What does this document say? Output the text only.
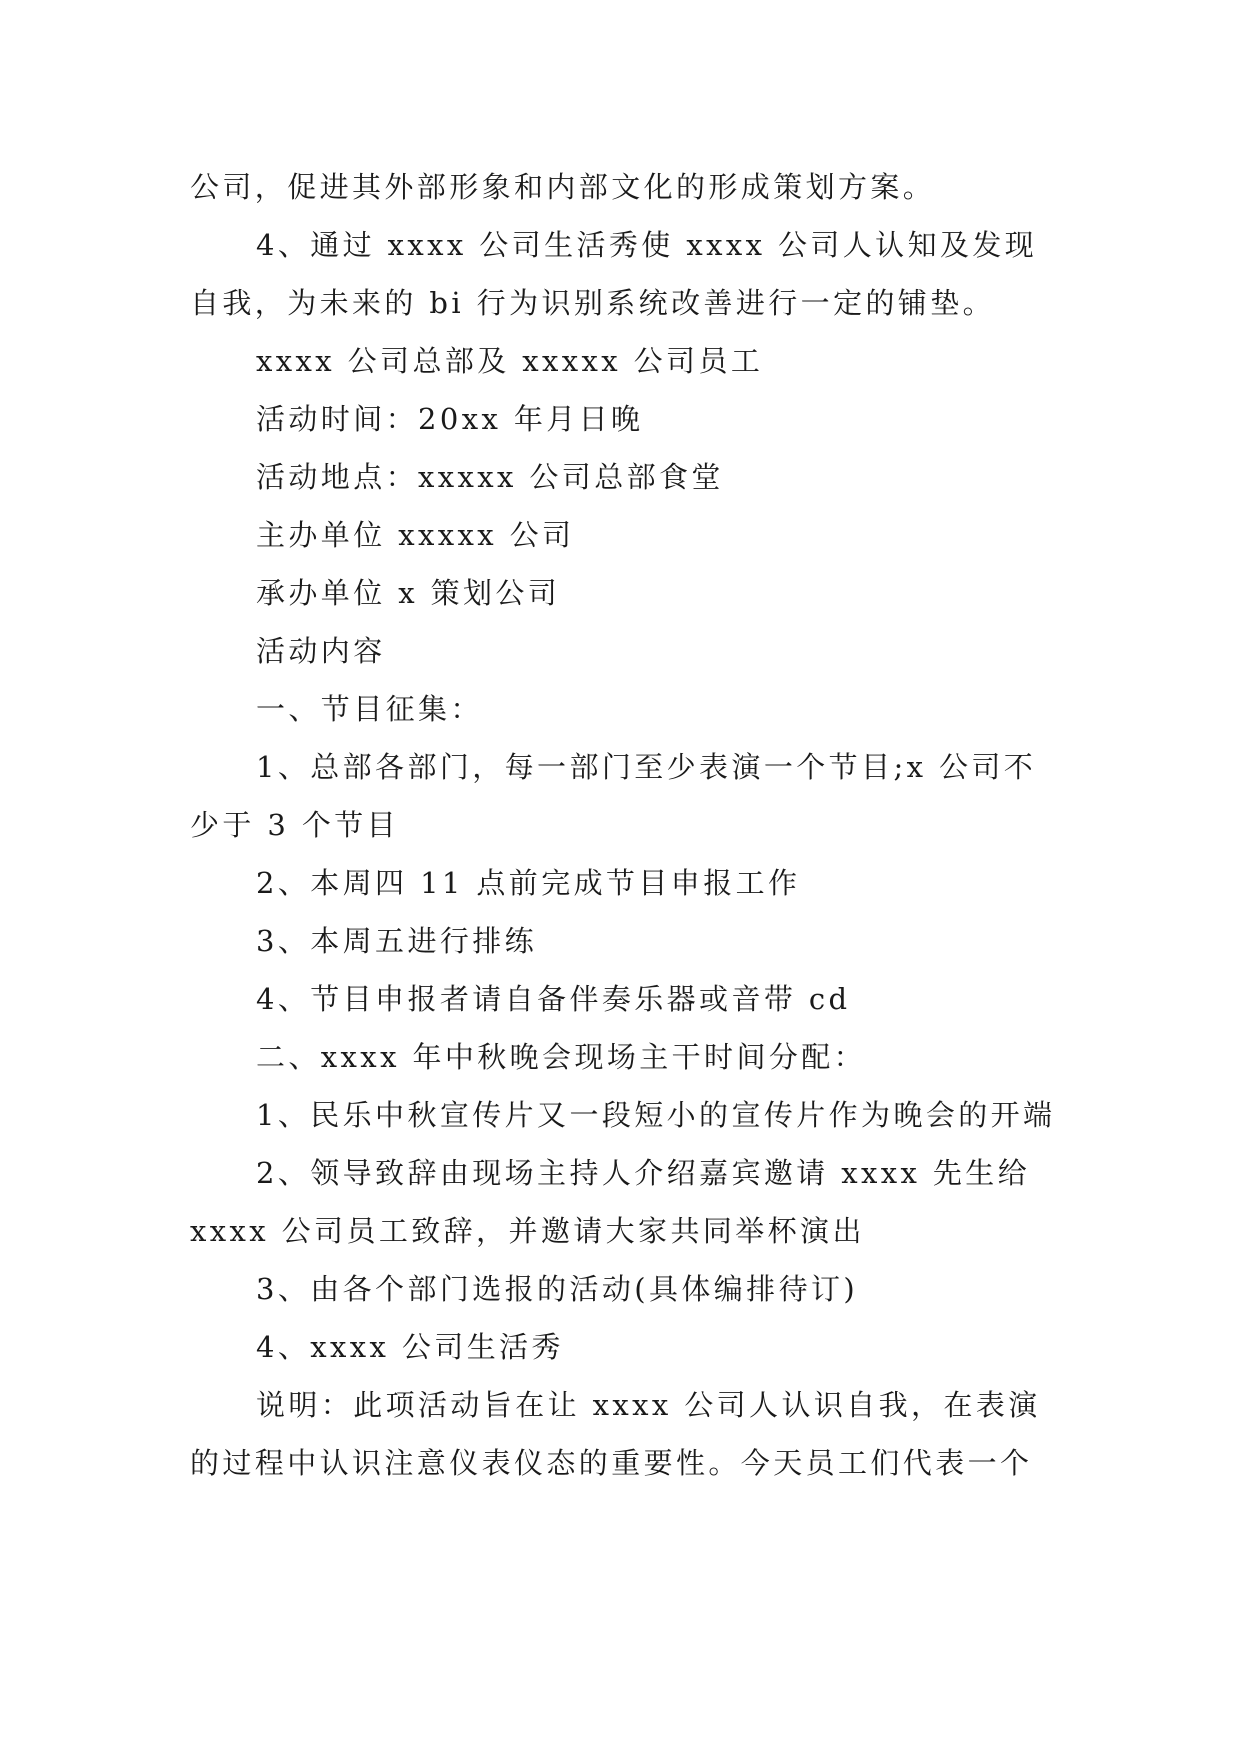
公司，促进其外部形象和内部文化的形成策划方案。

4、通过 xxxx 公司生活秀使 xxxx 公司人认知及发现自我，为未来的 bi 行为识别系统改善进行一定的铺垫。

xxxx 公司总部及 xxxxx 公司员工

活动时间：20xx 年月日晚

活动地点：xxxxx 公司总部食堂

主办单位 xxxxx 公司

承办单位 x 策划公司

活动内容

一、节目征集：

1、总部各部门，每一部门至少表演一个节目;x 公司不少于 3 个节目

2、本周四 11 点前完成节目申报工作

3、本周五进行排练

4、节目申报者请自备伴奏乐器或音带 cd

二、xxxx 年中秋晚会现场主干时间分配：

1、民乐中秋宣传片又一段短小的宣传片作为晚会的开端

2、领导致辞由现场主持人介绍嘉宾邀请 xxxx 先生给 xxxx 公司员工致辞，并邀请大家共同举杯演出

3、由各个部门选报的活动(具体编排待订)

4、xxxx 公司生活秀

说明：此项活动旨在让 xxxx 公司人认识自我，在表演的过程中认识注意仪表仪态的重要性。今天员工们代表一个
